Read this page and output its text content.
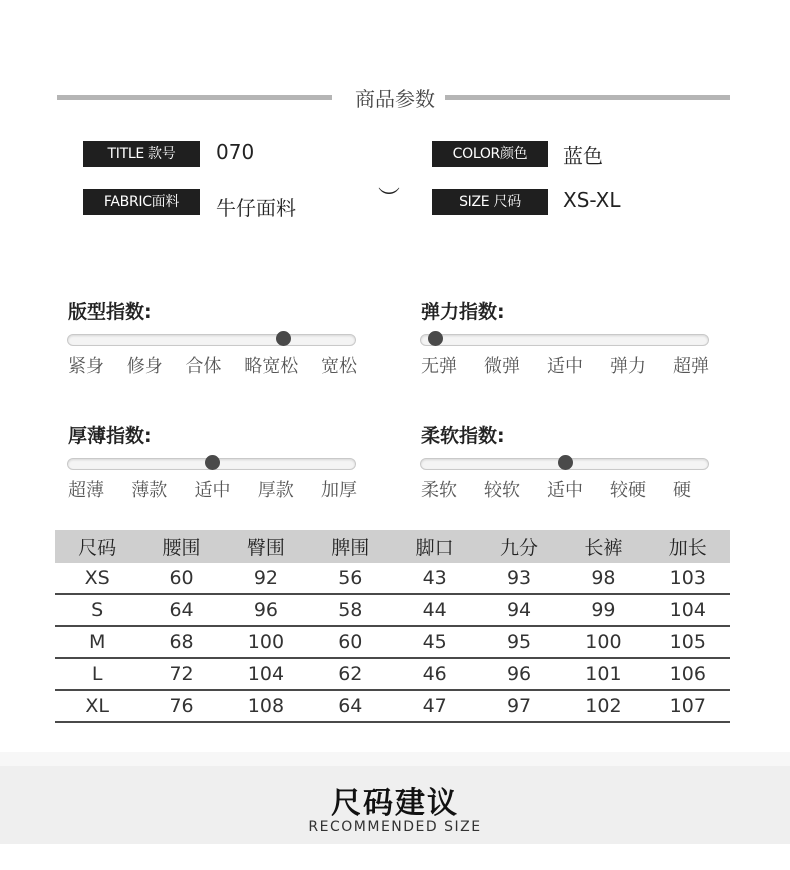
商品参数
TITLE 款号	070
FABRIC面料	牛仔面料	︶
COLOR颜色	蓝色
SIZE 尺码	XS-XL
版型指数:
紧身 修身 合体 略宽松 宽松
弹力指数:
无弹 微弹 适中 弹力 超弹
厚薄指数:
超薄 薄款 适中 厚款 加厚
柔软指数:
柔软 较软 适中 较硬 硬
尺码	腰围	臀围	脾围	脚口	九分	长裤	加长
XS	60	92	56	43	93	98	103
S	64	96	58	44	94	99	104
M	68	100	60	45	95	100	105
L	72	104	62	46	96	101	106
XL	76	108	64	47	97	102	107
尺码建议
RECOMMENDED SIZE
